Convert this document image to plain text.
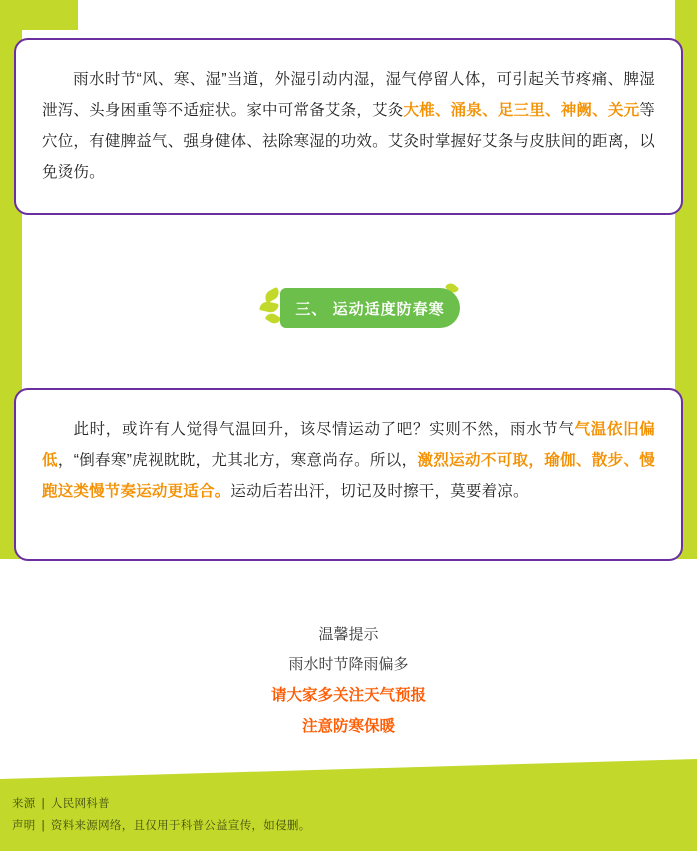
雨水时节“风、寒、湿”当道，外湿引动内湿，湿气停留人体，可引起关节疼痛、脾湿泄泻、头身困重等不适症状。家中可常备艾条，艾灸大椎、涌泉、足三里、神阙、关元等穴位，有健脾益气、强身健体、祛除寒湿的功效。艾灸时掌握好艾条与皮肤间的距离，以免烫伤。
三、 运动适度防春寒
此时，或许有人觉得气温回升，该尽情运动了吧？实则不然，雨水节气气温依旧偏低，“倒春寒”虎视眈眈，尤其北方，寒意尚存。所以，激烈运动不可取，瑜伽、散步、慢跑这类慢节奏运动更适合。运动后若出汗，切记及时擦干，莫要着凉。
温馨提示
雨水时节降雨偏多
请大家多关注天气预报
注意防寒保暖
来源 | 人民网科普
声明 | 资料来源网络，且仅用于科普公益宣传，如侵删。
